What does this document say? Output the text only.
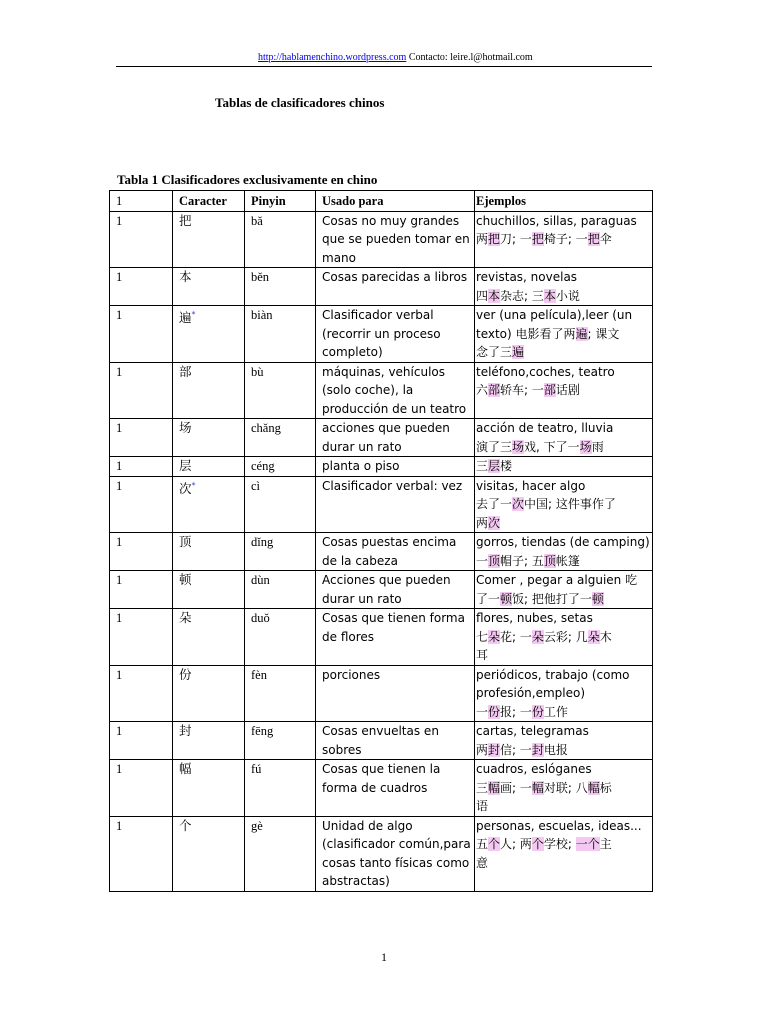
http://hablamenchino.wordpress.com Contacto: leire.l@hotmail.com
Tablas de clasificadores chinos
Tabla 1 Clasificadores exclusivamente en chino
1	Caracter	Pinyin	Usado para	Ejemplos
1	把	bǎ	Cosas no muy grandes que se pueden tomar en mano	chuchillos, sillas, paraguas
两把刀; 一把椅子; 一把伞

1	本	běn	Cosas parecidas a libros	revistas, novelas
四本杂志; 三本小说

1	遍*	biàn	Clasificador verbal (recorrir un proceso completo)	ver (una película),leer (un
texto) 电影看了两遍; 课文
念了三遍

1	部	bù	máquinas, vehículos (solo coche), la producción de un teatro	teléfono,coches, teatro
六部轿车; 一部话剧

1	场	chǎng	acciones que pueden durar un rato	acción de teatro, lluvia
演了三场戏, 下了一场雨

1	层	céng	planta o piso	三层楼

1	次*	cì	Clasificador verbal: vez	visitas, hacer algo
去了一次中国; 这件事作了
两次

1	顶	dǐng	Cosas puestas encima de la cabeza	gorros, tiendas (de camping)
一顶帽子; 五顶帐篷

1	顿	dùn	Acciones que pueden durar un rato	Comer , pegar a alguien 吃
了一顿饭; 把他打了一顿

1	朵	duǒ	Cosas que tienen forma de flores	flores, nubes, setas
七朵花; 一朵云彩; 几朵木
耳

1	份	fèn	porciones	periódicos, trabajo (como
profesión,empleo)
一份报; 一份工作

1	封	fēng	Cosas envueltas en sobres	cartas, telegramas
两封信; 一封电报

1	幅	fú	Cosas que tienen la forma de cuadros	cuadros, eslóganes
三幅画; 一幅对联; 八幅标
语

1	个	gè	Unidad de algo (clasificador común,para cosas tanto físicas como abstractas)	personas, escuelas, ideas...
五个人; 两个学校; 一个主
意
1
